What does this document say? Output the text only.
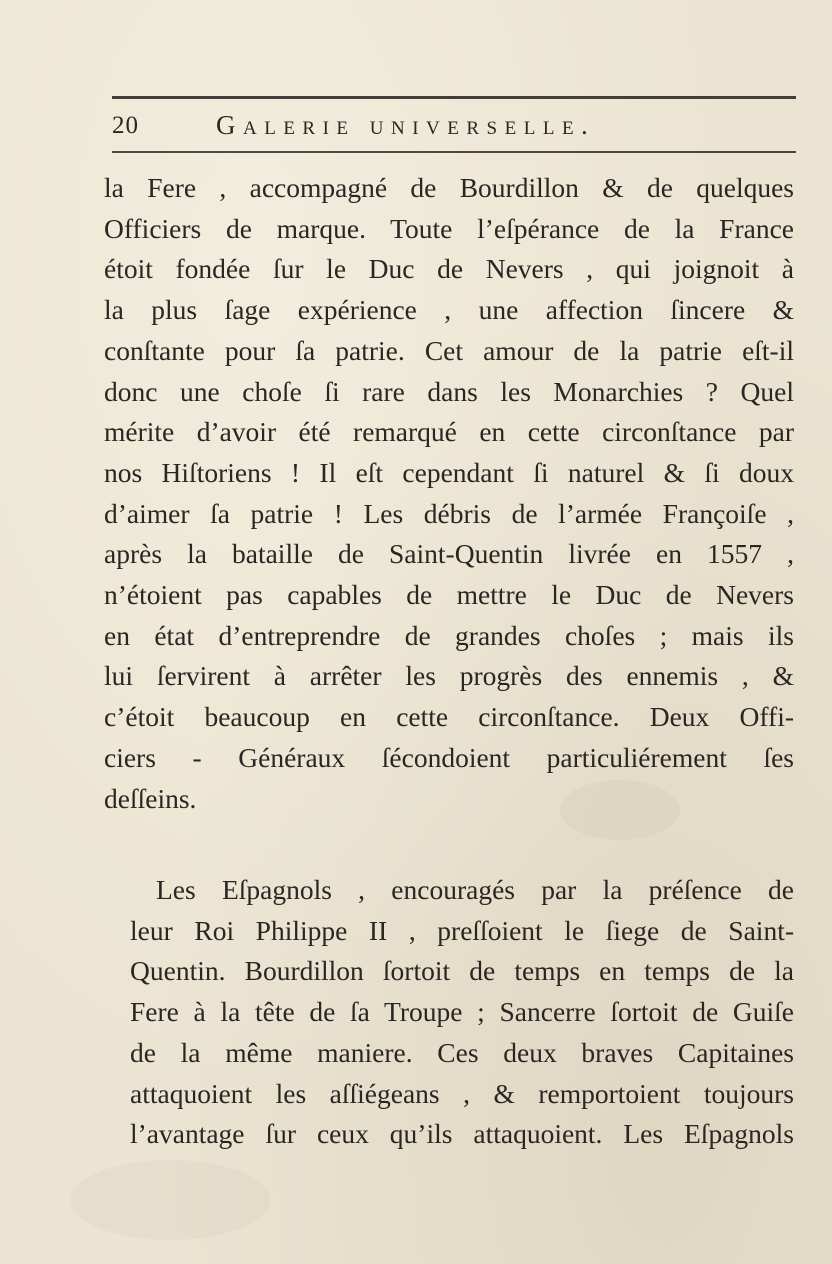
20	Galerie universelle.
la Fere , accompagné de Bourdillon & de quelques
Officiers de marque. Toute l’eſpérance de la France
étoit fondée ſur le Duc de Nevers , qui joignoit à
la plus ſage expérience , une affection ſincere &
conſtante pour ſa patrie. Cet amour de la patrie eſt-il
donc une choſe ſi rare dans les Monarchies ? Quel
mérite d’avoir été remarqué en cette circonſtance par
nos Hiſtoriens ! Il eſt cependant ſi naturel & ſi doux
d’aimer ſa patrie ! Les débris de l’armée Françoiſe ,
après la bataille de Saint-Quentin livrée en 1557 ,
n’étoient pas capables de mettre le Duc de Nevers
en état d’entreprendre de grandes choſes ; mais ils
lui ſervirent à arrêter les progrès des ennemis , &
c’étoit beaucoup en cette circonſtance. Deux Offi-
ciers - Généraux ſécondoient particuliérement ſes
deſſeins.
Les Eſpagnols , encouragés par la préſence de
leur Roi Philippe II , preſſoient le ſiege de Saint-
Quentin. Bourdillon ſortoit de temps en temps de la
Fere à la tête de ſa Troupe ; Sancerre ſortoit de Guiſe
de la même maniere. Ces deux braves Capitaines
attaquoient les aſſiégeans , & remportoient toujours
l’avantage ſur ceux qu’ils attaquoient. Les Eſpagnols
